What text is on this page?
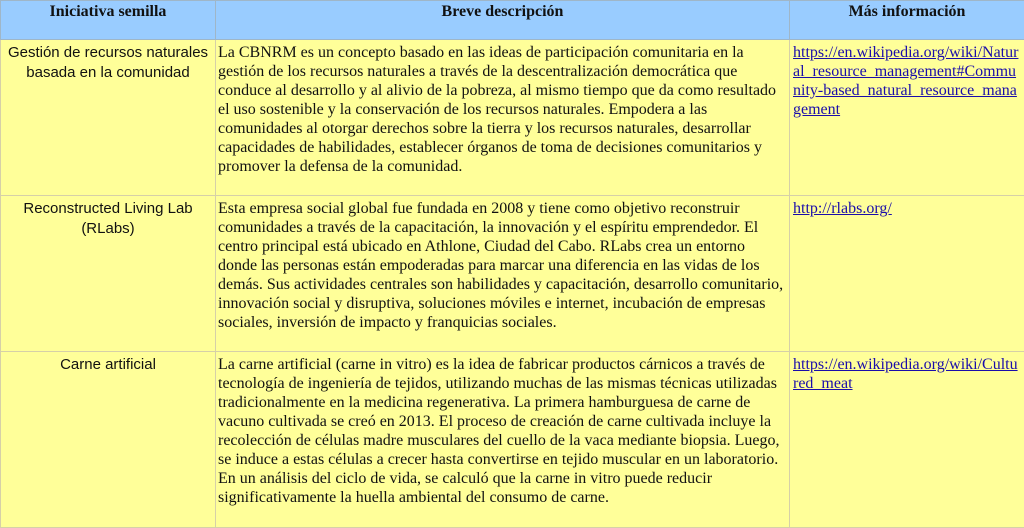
Iniciativa semilla	Breve descripción	Más información
Gestión de recursos naturales basada en la comunidad	La CBNRM es un concepto basado en las ideas de participación comunitaria en la gestión de los recursos naturales a través de la descentralización democrática que conduce al desarrollo y al alivio de la pobreza, al mismo tiempo que da como resultado el uso sostenible y la conservación de los recursos naturales. Empodera a las comunidades al otorgar derechos sobre la tierra y los recursos naturales, desarrollar capacidades de habilidades, establecer órganos de toma de decisiones comunitarios y promover la defensa de la comunidad.	https://en.wikipedia.org/wiki/Natural_resource_management#Community-based_natural_resource_management
Reconstructed Living Lab (RLabs)	Esta empresa social global fue fundada en 2008 y tiene como objetivo reconstruir comunidades a través de la capacitación, la innovación y el espíritu emprendedor. El centro principal está ubicado en Athlone, Ciudad del Cabo. RLabs crea un entorno donde las personas están empoderadas para marcar una diferencia en las vidas de los demás. Sus actividades centrales son habilidades y capacitación, desarrollo comunitario, innovación social y disruptiva, soluciones móviles e internet, incubación de empresas sociales, inversión de impacto y franquicias sociales.	http://rlabs.org/
Carne artificial	La carne artificial (carne in vitro) es la idea de fabricar productos cárnicos a través de tecnología de ingeniería de tejidos, utilizando muchas de las mismas técnicas utilizadas tradicionalmente en la medicina regenerativa. La primera hamburguesa de carne de vacuno cultivada se creó en 2013. El proceso de creación de carne cultivada incluye la recolección de células madre musculares del cuello de la vaca mediante biopsia. Luego, se induce a estas células a crecer hasta convertirse en tejido muscular en un laboratorio. En un análisis del ciclo de vida, se calculó que la carne in vitro puede reducir significativamente la huella ambiental del consumo de carne.	https://en.wikipedia.org/wiki/Cultured_meat
